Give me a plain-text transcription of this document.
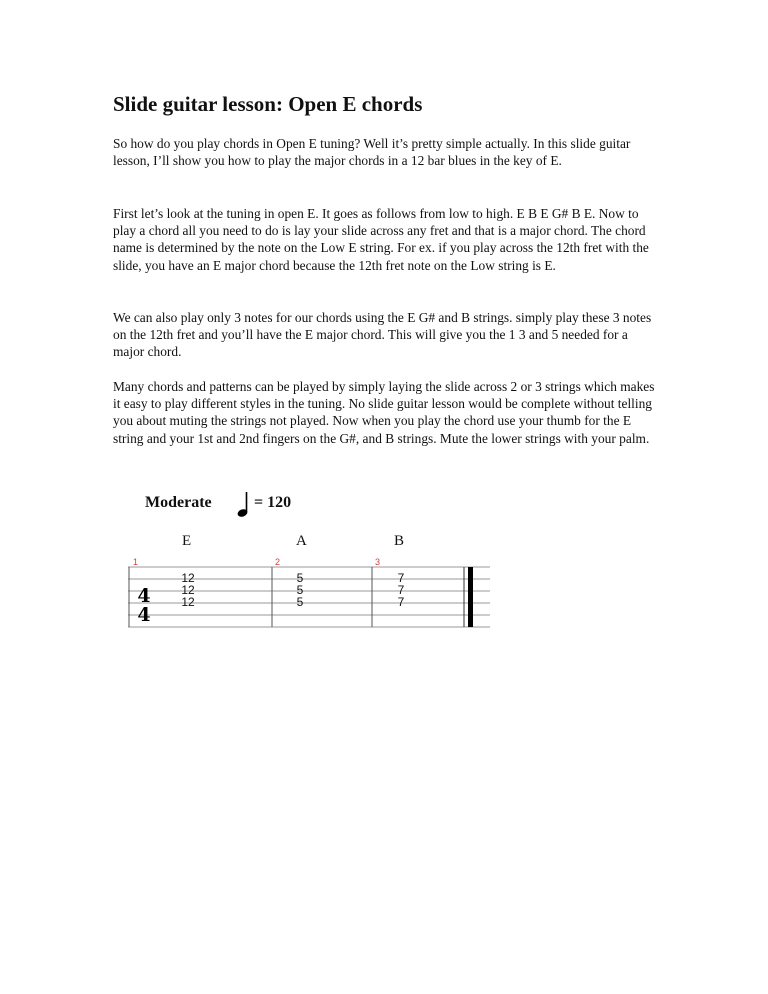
Slide guitar lesson: Open E chords

So how do you play chords in Open E tuning? Well it’s pretty simple actually. In this slide guitar lesson, I’ll show you how to play the major chords in a 12 bar blues in the key of E.

First let’s look at the tuning in open E. It goes as follows from low to high. E B E G# B E. Now to play a chord all you need to do is lay your slide across any fret and that is a major chord. The chord name is determined by the note on the Low E string. For ex. if you play across the 12th fret with the slide, you have an E major chord because the 12th fret note on the Low string is E.

We can also play only 3 notes for our chords using the E G# and B strings. simply play these 3 notes on the 12th fret and you’ll have the E major chord. This will give you the 1 3 and 5 needed for a major chord.

Many chords and patterns can be played by simply laying the slide across 2 or 3 strings which makes it easy to play different styles in the tuning. No slide guitar lesson would be complete without telling you about muting the strings not played. Now when you play the chord use your thumb for the E string and your 1st and 2nd fingers on the G#, and B strings. Mute the lower strings with your palm.

Moderate	= 120
E	A	B
1	2	3
4
4
12
12
12
5
5
5
7
7
7
